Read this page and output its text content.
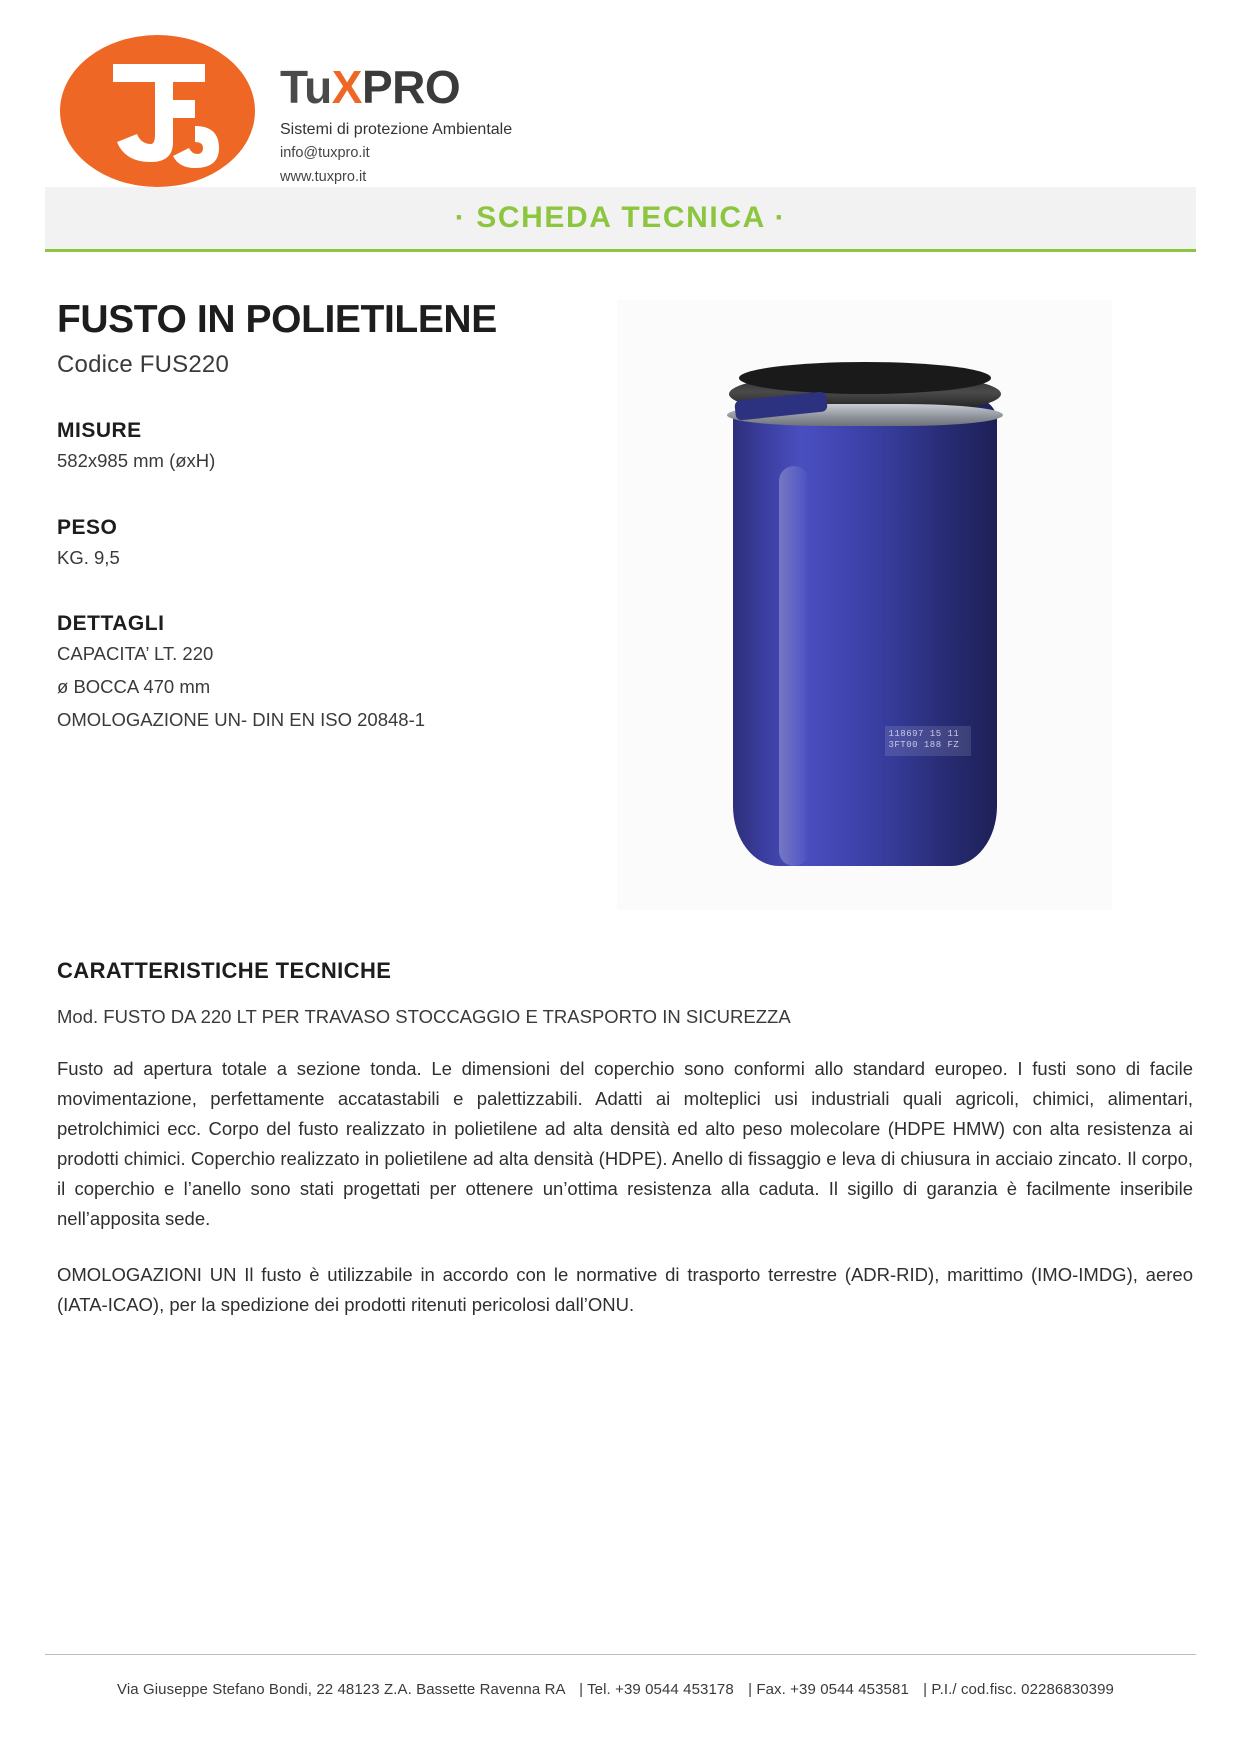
TuXPRO
Sistemi di protezione Ambientale
info@tuxpro.it
www.tuxpro.it
· SCHEDA TECNICA ·
FUSTO IN POLIETILENE
Codice FUS220
MISURE
582x985 mm (øxH)
PESO
KG. 9,5
DETTAGLI
CAPACITA’ LT. 220
ø BOCCA 470 mm
OMOLOGAZIONE UN- DIN EN ISO 20848-1
118697 15 11 3FT00 188 FZ
CARATTERISTICHE TECNICHE
Mod. FUSTO DA 220 LT PER TRAVASO STOCCAGGIO E TRASPORTO IN SICUREZZA
Fusto ad apertura totale a sezione tonda. Le dimensioni del coperchio sono conformi allo standard europeo. I fusti sono di facile movimentazione, perfettamente accatastabili e palettizzabili. Adatti ai molteplici usi industriali quali agricoli, chimici, alimentari, petrolchimici ecc. Corpo del fusto realizzato in polietilene ad alta densità ed alto peso molecolare (HDPE HMW) con alta resistenza ai prodotti chimici. Coperchio realizzato in polietilene ad alta densità (HDPE). Anello di fissaggio e leva di chiusura in acciaio zincato. Il corpo, il coperchio e l’anello sono stati progettati per ottenere un’ottima resistenza alla caduta. Il sigillo di garanzia è facilmente inseribile nell’apposita sede.
OMOLOGAZIONI UN Il fusto è utilizzabile in accordo con le normative di trasporto terrestre (ADR-RID), marittimo (IMO-IMDG), aereo (IATA-ICAO), per la spedizione dei prodotti ritenuti pericolosi dall’ONU.
Via Giuseppe Stefano Bondi, 22 48123 Z.A. Bassette Ravenna RA | Tel. +39 0544 453178 | Fax. +39 0544 453581 | P.I./ cod.fisc. 02286830399
